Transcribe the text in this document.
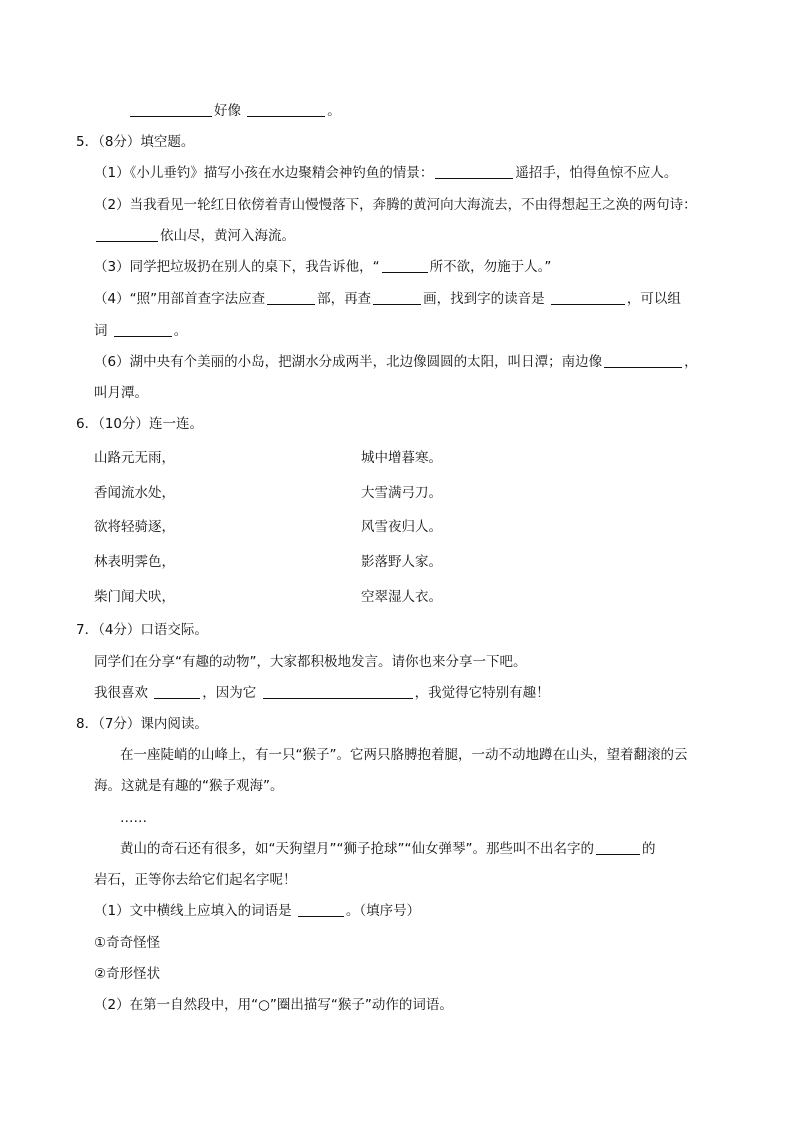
好像	。
5．（8分）填空题。
（1）《小儿垂钓》描写小孩在水边聚精会神钓鱼的情景：	遥招手，怕得鱼惊不应人。
（2）当我看见一轮红日依傍着青山慢慢落下，奔腾的黄河向大海流去，不由得想起王之涣的两句诗：
依山尽，黄河入海流。
（3）同学把垃圾扔在别人的桌下，我告诉他，“	所不欲，勿施于人。”
（4）“照”用部首查字法应查	部，再查	画，找到字的读音是	，可以组
词	。
（6）湖中央有个美丽的小岛，把湖水分成两半，北边像圆圆的太阳，叫日潭；南边像	，
叫月潭。
6．（10分）连一连。
山路元无雨，	城中增暮寒。
香闻流水处，	大雪满弓刀。
欲将轻骑逐，	风雪夜归人。
林表明霁色，	影落野人家。
柴门闻犬吠，	空翠湿人衣。
7．（4分）口语交际。
同学们在分享“有趣的动物”，大家都积极地发言。请你也来分享一下吧。
我很喜欢	，因为它	，我觉得它特别有趣！
8．（7分）课内阅读。
在一座陡峭的山峰上，有一只“猴子”。它两只胳膊抱着腿，一动不动地蹲在山头，望着翻滚的云
海。这就是有趣的“猴子观海”。
……
黄山的奇石还有很多，如“天狗望月”“狮子抢球”“仙女弹琴”。那些叫不出名字的	的
岩石，正等你去给它们起名字呢！
（1）文中横线上应填入的词语是	。（填序号）
①奇奇怪怪
②奇形怪状
（2）在第一自然段中，用“○”圈出描写“猴子”动作的词语。
